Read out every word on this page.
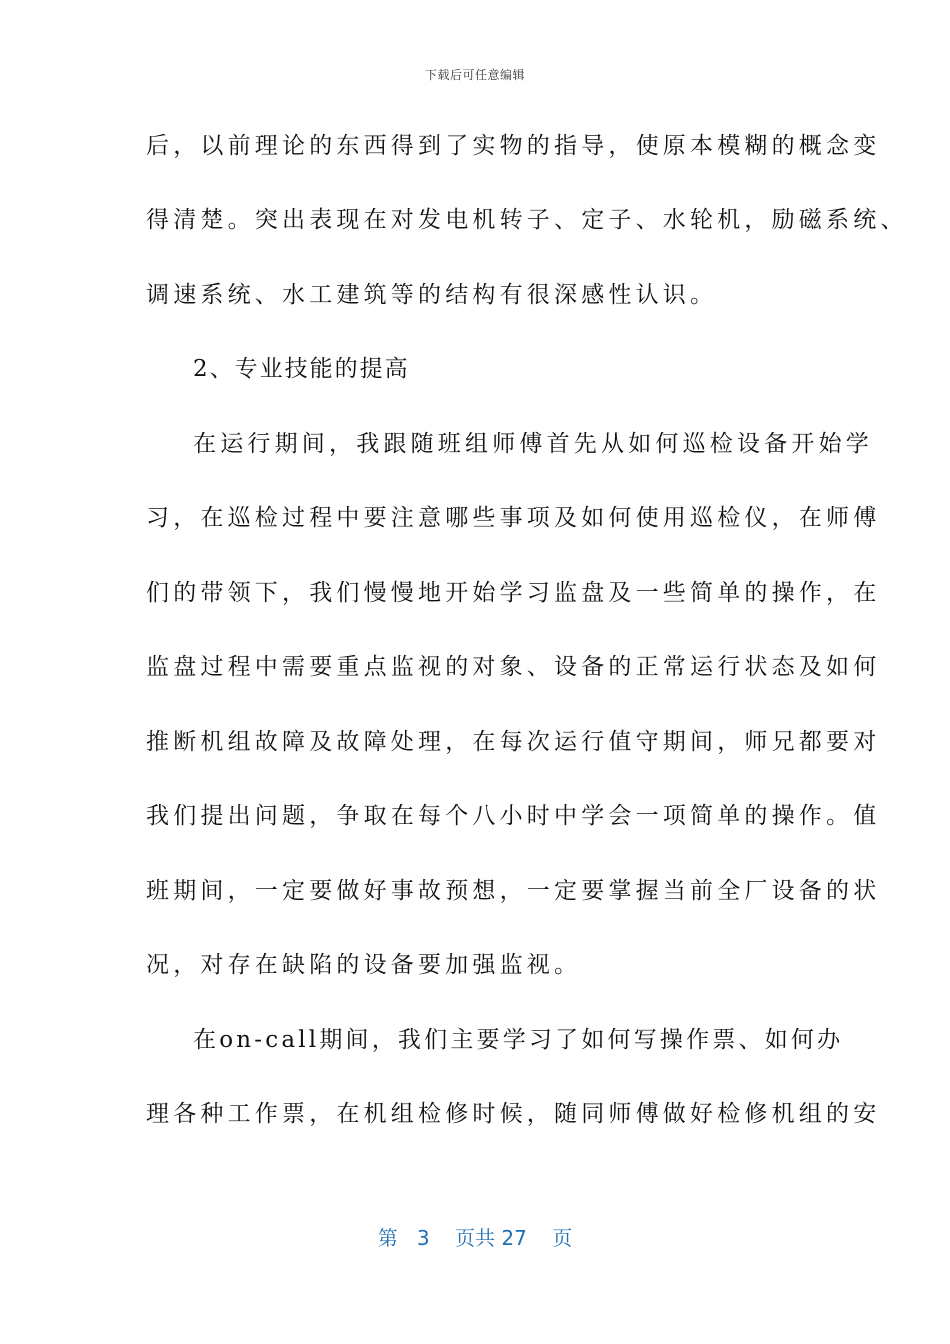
下载后可任意编辑
后，以前理论的东西得到了实物的指导，使原本模糊的概念变
得清楚。突出表现在对发电机转子、定子、水轮机，励磁系统、
调速系统、水工建筑等的结构有很深感性认识。
2、专业技能的提高
在运行期间，我跟随班组师傅首先从如何巡检设备开始学
习，在巡检过程中要注意哪些事项及如何使用巡检仪，在师傅
们的带领下，我们慢慢地开始学习监盘及一些简单的操作，在
监盘过程中需要重点监视的对象、设备的正常运行状态及如何
推断机组故障及故障处理，在每次运行值守期间，师兄都要对
我们提出问题，争取在每个八小时中学会一项简单的操作。值
班期间，一定要做好事故预想，一定要掌握当前全厂设备的状
况，对存在缺陷的设备要加强监视。
在on-call期间，我们主要学习了如何写操作票、如何办
理各种工作票，在机组检修时候，随同师傅做好检修机组的安
第 3 页共 27 页
